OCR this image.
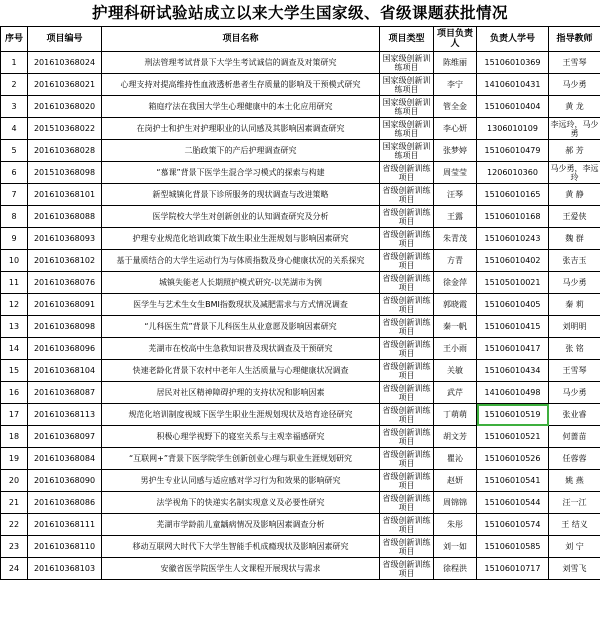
护理科研试验站成立以来大学生国家级、省级课题获批情况
序号	项目编号	项目名称	项目类型	项目负责人	负责人学号	指导教师
1	201610368024	刑法管理考试背景下大学生考试诚信的调查及对策研究	国家级创新训练项目	陈维丽	15106010369	王雪琴
2	201610368021	心理支持对提高维持性血液透析患者生存质量的影响及干预模式研究	国家级创新训练项目	李宁	14106010431	马少勇
3	201610368020	箱庭疗法在我国大学生心理健康中的本土化应用研究	国家级创新训练项目	管全金	15106010404	黄 龙
4	201510368022	在岗护士和护生对护理职业的认同感及其影响因素调查研究	国家级创新训练项目	李心妍	1306010109	李远玲，马少勇
5	201610368028	二胎政策下的产后护理调查研究	国家级创新训练项目	张梦婷	15106010479	郝 芳
6	201510368098	“慕课”背景下医学生混合学习模式的探索与构建	省级创新训练项目	周莹莹	1206010360	马少勇，李远玲
7	201610368101	新型城镇化背景下诊所服务的现状调查与改进策略	省级创新训练项目	汪琴	15106010165	黄 静
8	201610368088	医学院校大学生对创新创业的认知调查研究及分析	省级创新训练项目	王露	15106010168	王爱侠
9	201610368093	护理专业规范化培训政策下故生职业生涯规划与影响因素研究	省级创新训练项目	朱青茂	15106010243	魏 群
10	201610368102	基于量质结合的大学生运动行为与体质指数及身心健康状况的关系探究	省级创新训练项目	方青	15106010402	张吉玉
11	201610368076	城镇失能老人长期照护模式研究-以芜湖市为例	省级创新训练项目	徐金萍	15105010021	马少勇
12	201610368091	医学生与艺术生女生BMI指数现状及减肥需求与方式情况调查	省级创新训练项目	郭晓霞	15106010405	秦 莉
13	201610368098	“儿科医生荒”背景下儿科医生从业意愿及影响因素研究	省级创新训练项目	秦一帆	15106010415	刘明明
14	201610368096	芜湖市在校高中生急救知识普及现状调查及干预研究	省级创新训练项目	王小雨	15106010417	张 铭
15	201610368104	快速老龄化背景下农村中老年人生活质量与心理健康状况调查	省级创新训练项目	关敏	15106010434	王雪琴
16	201610368087	居民对社区精神障碍护理的支持状况和影响因素	省级创新训练项目	武芹	14106010498	马少勇
17	201610368113	规范化培训制度视域下医学生职业生涯规划现状及培育途径研究	省级创新训练项目	丁萌萌	15106010519	张业睿
18	201610368097	积极心理学视野下的寝室关系与主观幸福感研究	省级创新训练项目	胡文芳	15106010521	何蔷苗
19	201610368084	“互联网+”背景下医学院学生创新创业心理与职业生涯规划研究	省级创新训练项目	瞿沁	15106010526	任蓉蓉
20	201610368090	男护生专业认同感与适应感对学习行为和效果的影响研究	省级创新训练项目	赵妍	15106010541	姚 燕
21	201610368086	法学视角下的快递实名制实现意义及必要性研究	省级创新训练项目	周锦锦	15106010544	汪一江
22	201610368111	芜湖市学龄前儿童龋病情况及影响因素调查分析	省级创新训练项目	朱彤	15106010574	王 结义
23	201610368110	移动互联网大时代下大学生智能手机成瘾现状及影响因素研究	省级创新训练项目	刘一如	15106010585	刘 宁
24	201610368103	安徽省医学院医学生人文课程开展现状与需求	省级创新训练项目	徐程洪	15106010717	刘雪飞
